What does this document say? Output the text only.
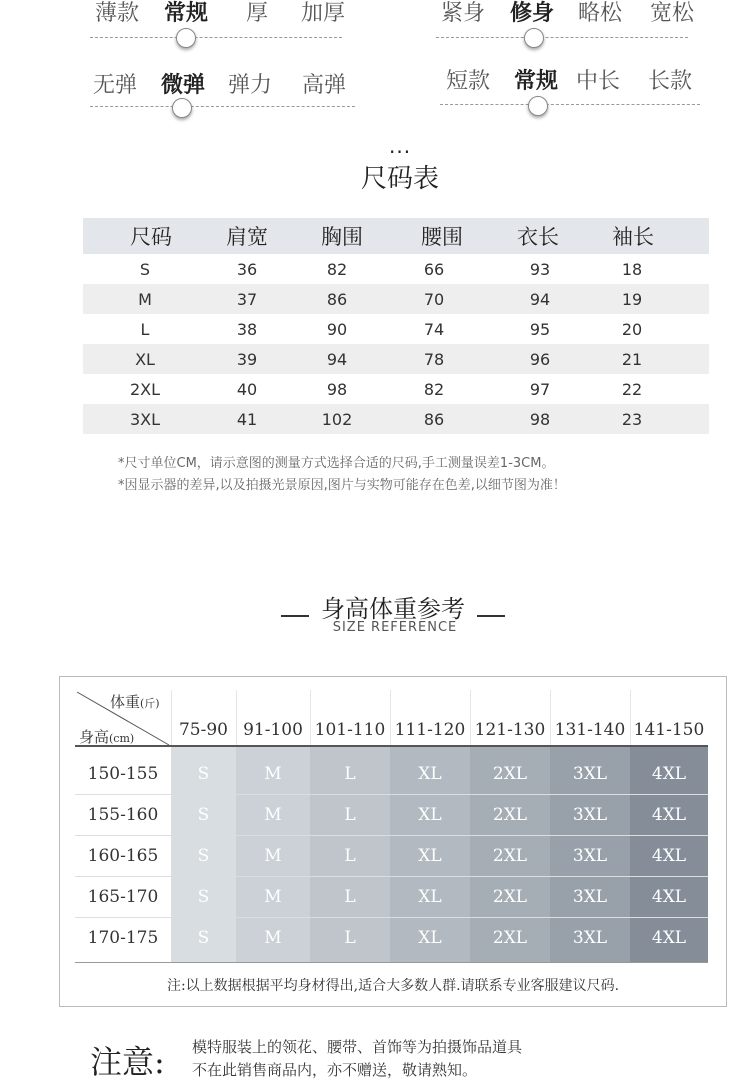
薄款 常规 厚 加厚	紧身 修身 略松 宽松
无弹 微弹 弹力 高弹	短款 常规 中长 长款
...
尺码表
尺码	肩宽	胸围	腰围	衣长	袖长
S	36	82	66	93	18
M	37	86	70	94	19
L	38	90	74	95	20
XL	39	94	78	96	21
2XL	40	98	82	97	22
3XL	41	102	86	98	23
*尺寸单位CM，请示意图的测量方式选择合适的尺码,手工测量误差1-3CM。
*因显示器的差异,以及拍摄光景原因,图片与实物可能存在色差,以细节图为准！
身高体重参考
SIZE REFERENCE
体重(斤)
身高(cm)	75-90 91-100 101-110 111-120 121-130 131-140 141-150
150-155	S	M	L	XL	2XL	3XL	4XL
155-160	S	M	L	XL	2XL	3XL	4XL
160-165	S	M	L	XL	2XL	3XL	4XL
165-170	S	M	L	XL	2XL	3XL	4XL
170-175	S	M	L	XL	2XL	3XL	4XL
注:以上数据根据平均身材得出,适合大多数人群.请联系专业客服建议尺码.
注意: 模特服装上的领花、腰带、首饰等为拍摄饰品道具
不在此销售商品内，亦不赠送，敬请熟知。
